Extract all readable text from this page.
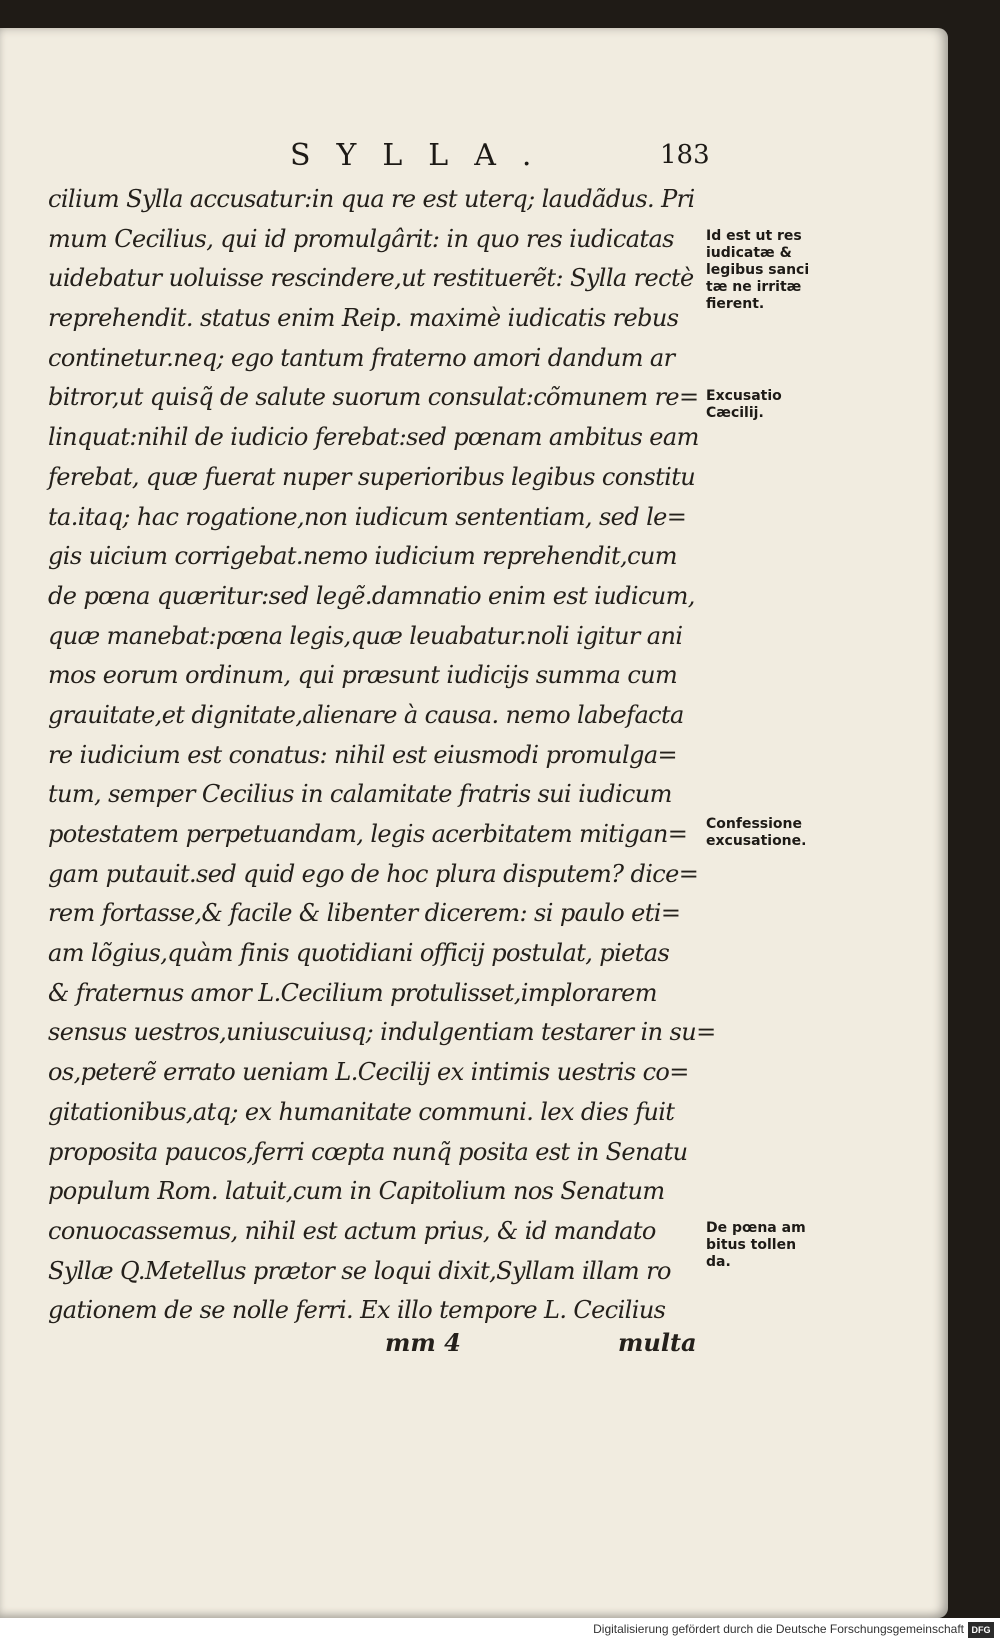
SYLLA.	183
cilium Sylla accusatur:in qua re est uterq; laudãdus. Pri
mum Cecilius, qui id promulgârit: in quo res iudicatas
uidebatur uoluisse rescindere,ut restituerẽt: Sylla rectè
reprehendit. status enim Reip. maximè iudicatis rebus
continetur.neq; ego tantum fraterno amori dandum ar
bitror,ut quisq̃ de salute suorum consulat:cõmunem re=
linquat:nihil de iudicio ferebat:sed pœnam ambitus eam
ferebat, quæ fuerat nuper superioribus legibus constitu
ta.itaq; hac rogatione,non iudicum sententiam, sed le=
gis uicium corrigebat.nemo iudicium reprehendit,cum
de pœna quæritur:sed legẽ.damnatio enim est iudicum,
quæ manebat:pœna legis,quæ leuabatur.noli igitur ani
mos eorum ordinum, qui præsunt iudicijs summa cum
grauitate,et dignitate,alienare à causa. nemo labefacta
re iudicium est conatus: nihil est eiusmodi promulga=
tum, semper Cecilius in calamitate fratris sui iudicum
potestatem perpetuandam, legis acerbitatem mitigan=
gam putauit.sed quid ego de hoc plura disputem? dice=
rem fortasse,& facile & libenter dicerem: si paulo eti=
am lõgius,quàm finis quotidiani officij postulat, pietas
& fraternus amor L.Cecilium protulisset,implorarem
sensus uestros,uniuscuiusq; indulgentiam testarer in su=
os,peterẽ errato ueniam L.Cecilij ex intimis uestris co=
gitationibus,atq; ex humanitate communi. lex dies fuit
proposita paucos,ferri cœpta nunq̃ posita est in Senatu
populum Rom. latuit,cum in Capitolium nos Senatum
conuocassemus, nihil est actum prius, & id mandato
Syllæ Q.Metellus prætor se loqui dixit,Syllam illam ro
gationem de se nolle ferri. Ex illo tempore L. Cecilius
mm 4	multa
Id est ut res
iudicatæ &
legibus sanci
tæ ne irritæ
fierent.
Excusatio
Cæcilij.
Confessione
excusatione.
De pœna am
bitus tollen
da.
Digitalisierung gefördert durch die Deutsche Forschungsgemeinschaft DFG
